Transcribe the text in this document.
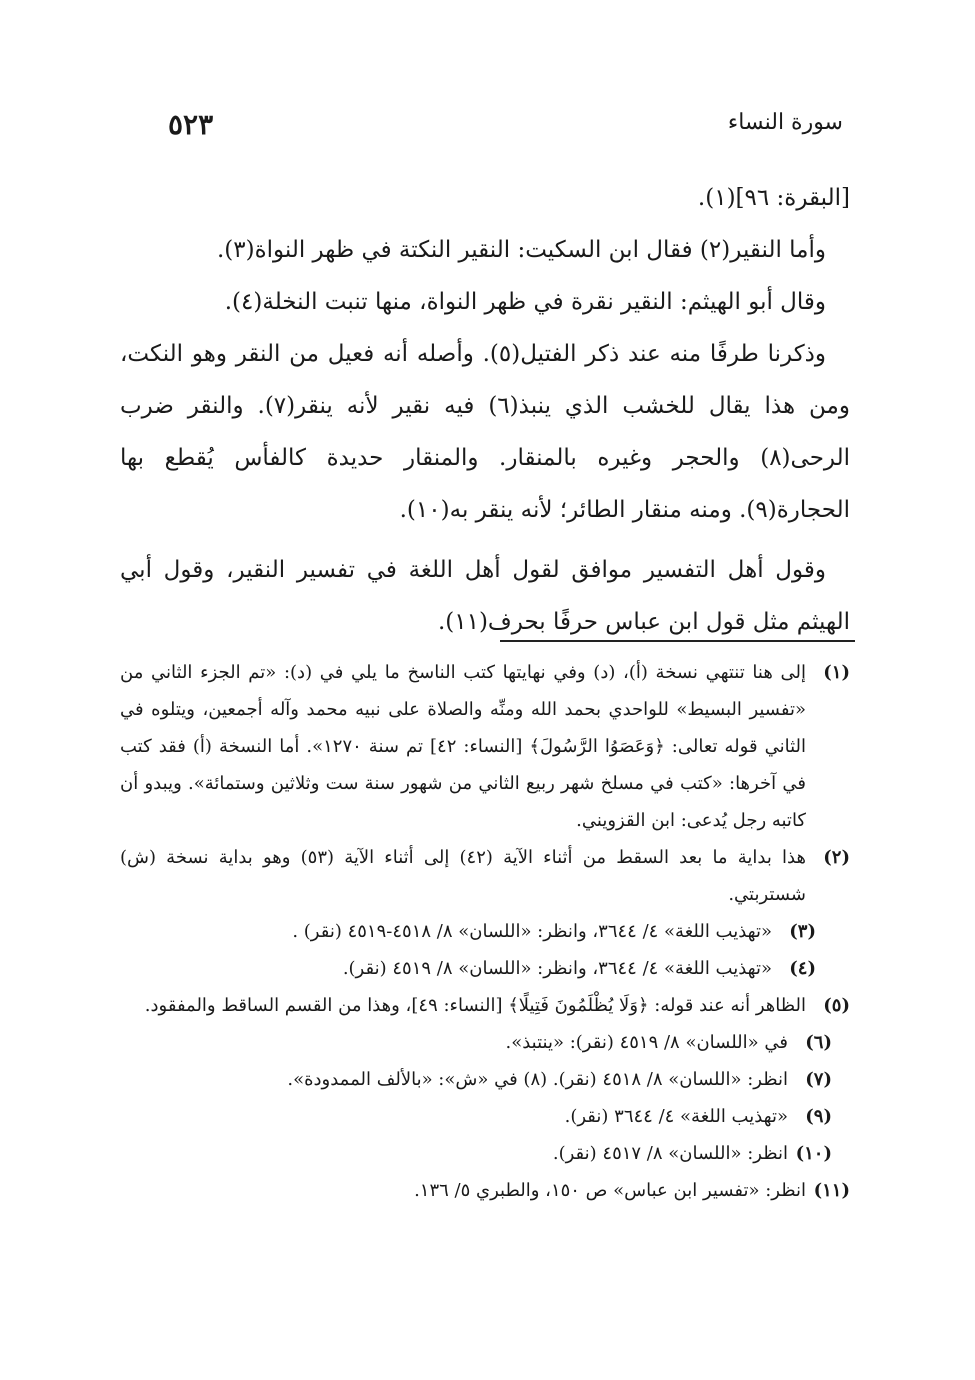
٥٢٣	سورة النساء

[البقرة: ٩٦](١).

وأما النقير(٢) فقال ابن السكيت: النقير النكتة في ظهر النواة(٣).

وقال أبو الهيثم: النقير نقرة في ظهر النواة، منها تنبت النخلة(٤).

وذكرنا طرفًا منه عند ذكر الفتيل(٥). وأصله أنه فعيل من النقر وهو النكت، ومن هذا يقال للخشب الذي ينبذ(٦) فيه نقير لأنه ينقر(٧). والنقر ضرب الرحى(٨) والحجر وغيره بالمنقار. والمنقار حديدة كالفأس يُقطع بها الحجارة(٩). ومنه منقار الطائر؛ لأنه ينقر به(١٠).

وقول أهل التفسير موافق لقول أهل اللغة في تفسير النقير، وقول أبي الهيثم مثل قول ابن عباس حرفًا بحرف(١١).

(١)
إلى هنا تنتهي نسخة (أ)، (د) وفي نهايتها كتب الناسخ ما يلي في (د): «تم الجزء الثاني من «تفسير البسيط» للواحدي بحمد الله ومنِّه والصلاة على نبيه محمد وآله أجمعين، ويتلوه في الثاني قوله تعالى: ﴿وَعَصَوُا الرَّسُولَ﴾ [النساء: ٤٢] تم سنة ١٢٧٠». أما النسخة (أ) فقد كتب في آخرها: «كتب في مسلخ شهر ربيع الثاني من شهور سنة ست وثلاثين وستمائة». ويبدو أن كاتبه رجل يُدعى: ابن القزويني.
(٢)
هذا بداية ما بعد السقط من أثناء الآية (٤٢) إلى أثناء الآية (٥٣) وهو بداية نسخة (ش) شستربتي.
(٣)
«تهذيب اللغة» ٤/ ٣٦٤٤، وانظر: «اللسان» ٨/ ٤٥١٨-٤٥١٩ (نقر) .
(٤)
«تهذيب اللغة» ٤/ ٣٦٤٤، وانظر: «اللسان» ٨/ ٤٥١٩ (نقر).
(٥)
الظاهر أنه عند قوله: ﴿وَلَا يُظْلَمُونَ فَتِيلًا﴾ [النساء: ٤٩]، وهذا من القسم الساقط والمفقود.
(٦)
في «اللسان» ٨/ ٤٥١٩ (نقر): «ينتبذ».
(٧)
انظر: «اللسان» ٨/ ٤٥١٨ (نقر). (٨) في «ش»: «بالألف الممدودة».
(٩)
«تهذيب اللغة» ٤/ ٣٦٤٤ (نقر).
(١٠)
انظر: «اللسان» ٨/ ٤٥١٧ (نقر).
(١١)
انظر: «تفسير ابن عباس» ص ١٥٠، والطبري ٥/ ١٣٦.
